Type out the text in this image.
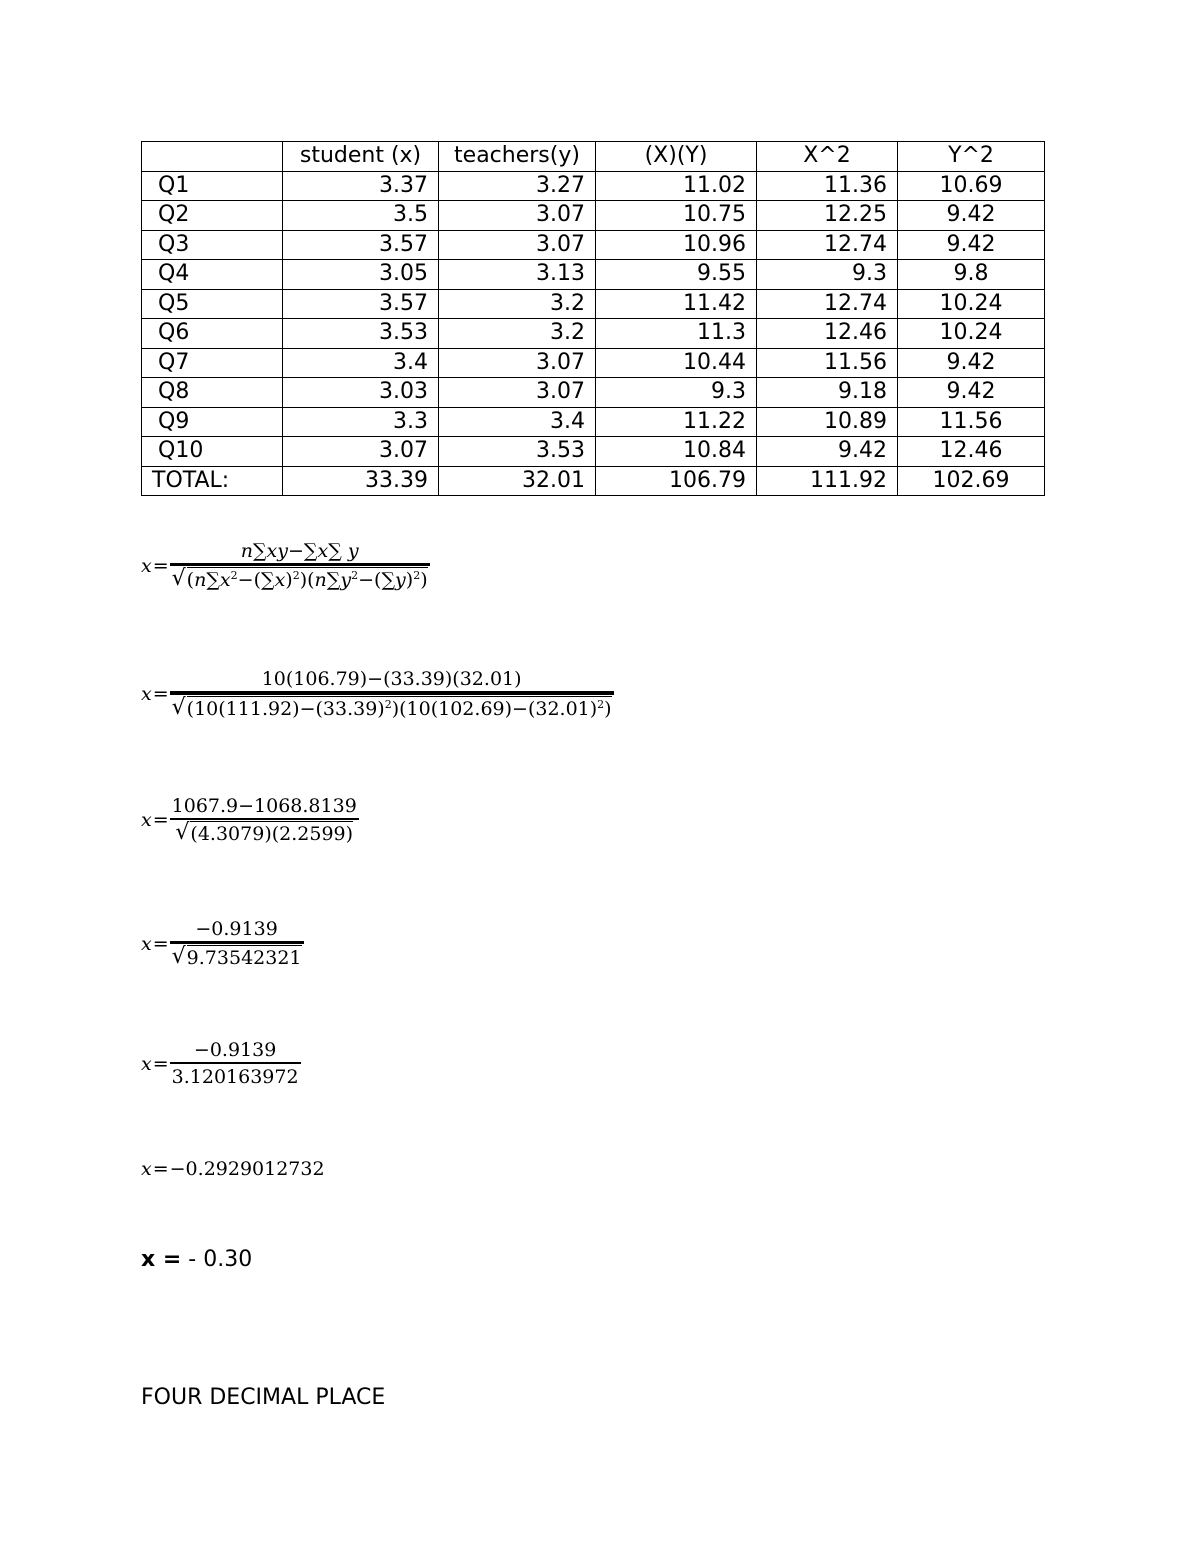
	student (x)	teachers(y)	(X)(Y)	X^2	Y^2
Q1	3.37	3.27	11.02	11.36	10.69
Q2	3.5	3.07	10.75	12.25	9.42
Q3	3.57	3.07	10.96	12.74	9.42
Q4	3.05	3.13	9.55	9.3	9.8
Q5	3.57	3.2	11.42	12.74	10.24
Q6	3.53	3.2	11.3	12.46	10.24
Q7	3.4	3.07	10.44	11.56	9.42
Q8	3.03	3.07	9.3	9.18	9.42
Q9	3.3	3.4	11.22	10.89	11.56
Q10	3.07	3.53	10.84	9.42	12.46
TOTAL:	33.39	32.01	106.79	111.92	102.69
$x = \frac{n\sum xy-\sum x\sum y}{√ (n\sum x^2-(\sum x)^2)(n\sum y^2-(\sum y)^2)}$
$x = \frac{10(106.79)-(33.39)(32.01)}{√ (10(111.92)-(33.39)^2)(10(102.69)-(32.01)^2)}$
$x = \frac{1067.9-1068.8139}{√ (4.3079)(2.2599)}$
$x = \frac{-0.9139}{√ 9.73542321}$
$x = \frac{-0.9139}{3.120163972}$
x = −0.2929012732
x = - 0.30
FOUR DECIMAL PLACE
